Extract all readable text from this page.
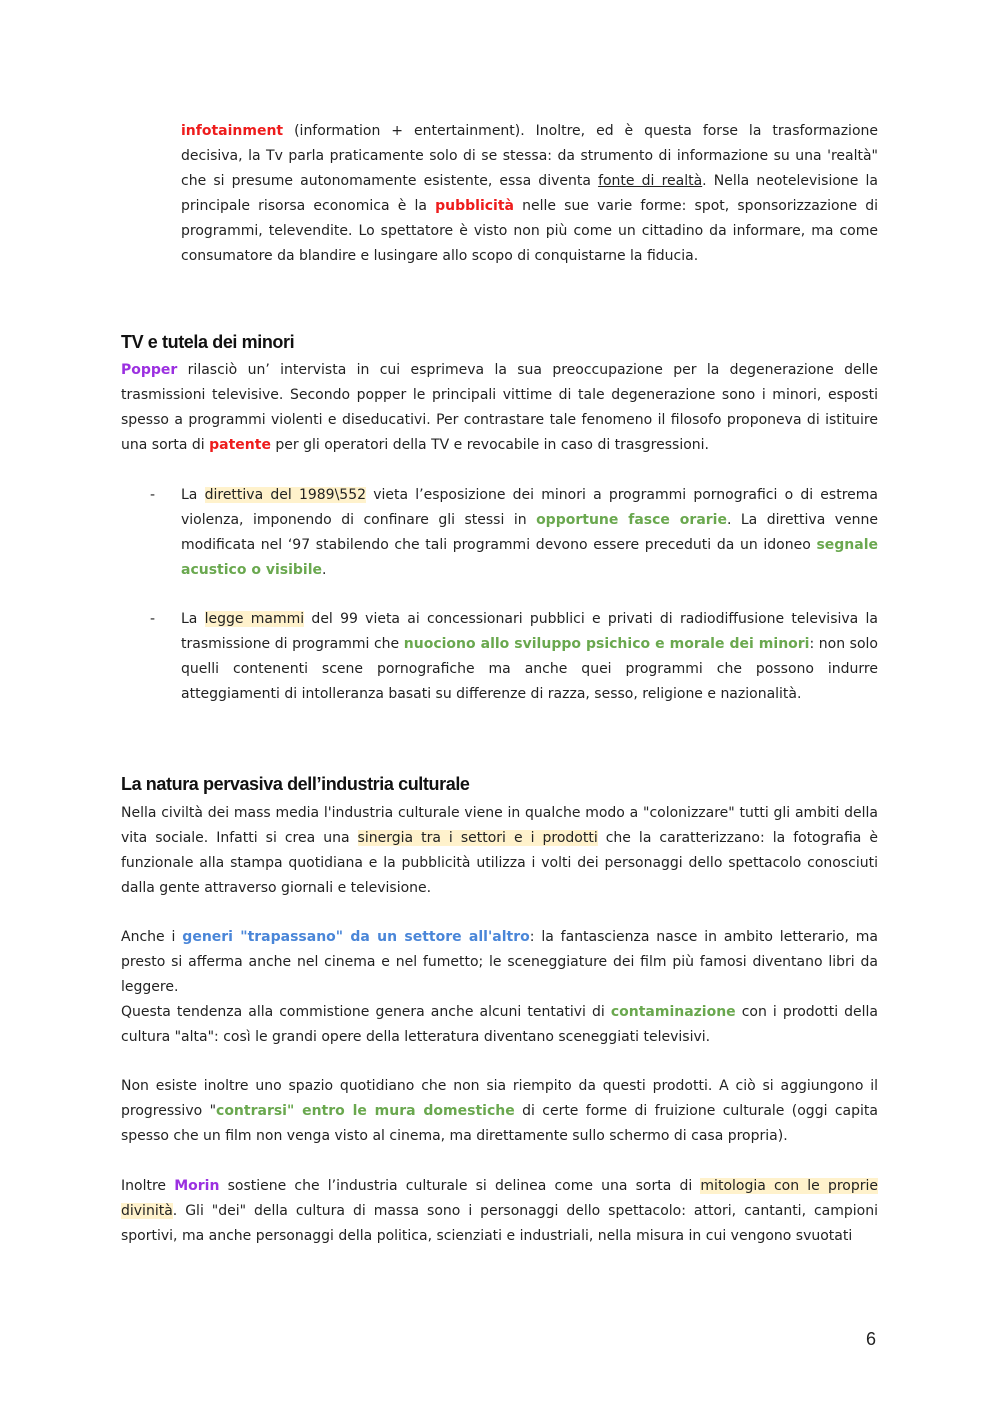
infotainment (information + entertainment). Inoltre, ed è questa forse la trasformazione decisiva, la Tv parla praticamente solo di se stessa: da strumento di informazione su una 'realtà" che si presume autonomamente esistente, essa diventa fonte di realtà. Nella neotelevisione la principale risorsa economica è la pubblicità nelle sue varie forme: spot, sponsorizzazione di programmi, televendite. Lo spettatore è visto non più come un cittadino da informare, ma come consumatore da blandire e lusingare allo scopo di conquistarne la fiducia.
TV e tutela dei minori
Popper rilasciò un’ intervista in cui esprimeva la sua preoccupazione per la degenerazione delle trasmissioni televisive. Secondo popper le principali vittime di tale degenerazione sono i minori, esposti spesso a programmi violenti e diseducativi. Per contrastare tale fenomeno il filosofo proponeva di istituire una sorta di patente per gli operatori della TV e revocabile in caso di trasgressioni.
- La direttiva del 1989\552 vieta l’esposizione dei minori a programmi pornografici o di estrema violenza, imponendo di confinare gli stessi in opportune fasce orarie. La direttiva venne modificata nel ‘97 stabilendo che tali programmi devono essere preceduti da un idoneo segnale acustico o visibile.
- La legge mammi del 99 vieta ai concessionari pubblici e privati di radiodiffusione televisiva la trasmissione di programmi che nuociono allo sviluppo psichico e morale dei minori: non solo quelli contenenti scene pornografiche ma anche quei programmi che possono indurre atteggiamenti di intolleranza basati su differenze di razza, sesso, religione e nazionalità.
La natura pervasiva dell’industria culturale
Nella civiltà dei mass media l'industria culturale viene in qualche modo a "colonizzare" tutti gli ambiti della vita sociale. Infatti si crea una sinergia tra i settori e i prodotti che la caratterizzano: la fotografia è funzionale alla stampa quotidiana e la pubblicità utilizza i volti dei personaggi dello spettacolo conosciuti dalla gente attraverso giornali e televisione.
Anche i generi "trapassano" da un settore all'altro: la fantascienza nasce in ambito letterario, ma presto si afferma anche nel cinema e nel fumetto; le sceneggiature dei film più famosi diventano libri da leggere.
Questa tendenza alla commistione genera anche alcuni tentativi di contaminazione con i prodotti della cultura "alta": così le grandi opere della letteratura diventano sceneggiati televisivi.
Non esiste inoltre uno spazio quotidiano che non sia riempito da questi prodotti. A ciò si aggiungono il progressivo "contrarsi" entro le mura domestiche di certe forme di fruizione culturale (oggi capita spesso che un film non venga visto al cinema, ma direttamente sullo schermo di casa propria).
Inoltre Morin sostiene che l’industria culturale si delinea come una sorta di mitologia con le proprie divinità. Gli "dei" della cultura di massa sono i personaggi dello spettacolo: attori, cantanti, campioni sportivi, ma anche personaggi della politica, scienziati e industriali, nella misura in cui vengono svuotati
6
